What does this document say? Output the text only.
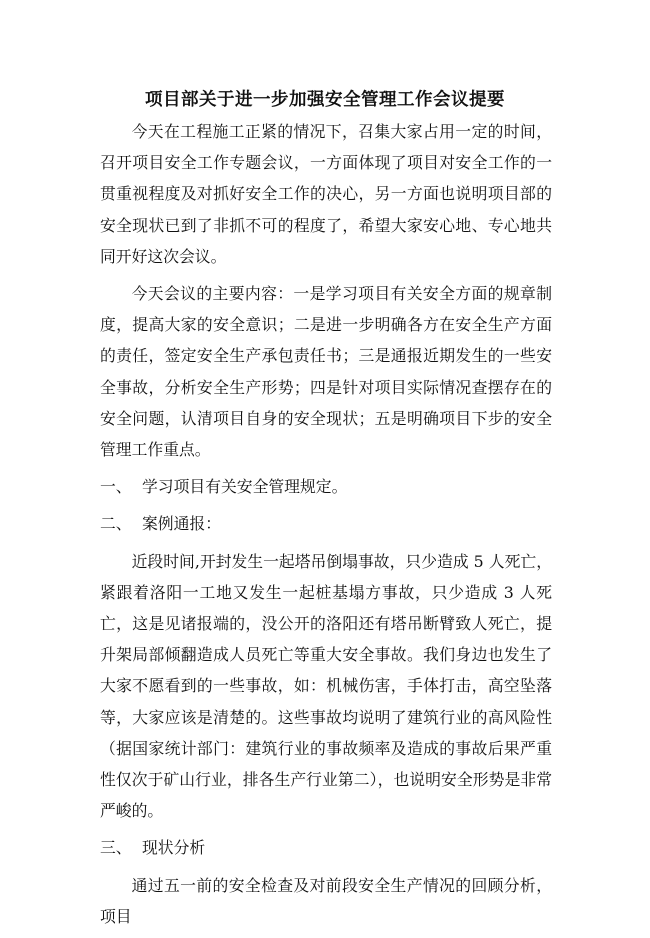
项目部关于进一步加强安全管理工作会议提要

今天在工程施工正紧的情况下，召集大家占用一定的时间，召开项目安全工作专题会议，一方面体现了项目对安全工作的一贯重视程度及对抓好安全工作的决心，另一方面也说明项目部的安全现状已到了非抓不可的程度了，希望大家安心地、专心地共同开好这次会议。

今天会议的主要内容：一是学习项目有关安全方面的规章制度，提高大家的安全意识；二是进一步明确各方在安全生产方面的责任，签定安全生产承包责任书；三是通报近期发生的一些安全事故，分析安全生产形势；四是针对项目实际情况查摆存在的安全问题，认清项目自身的安全现状；五是明确项目下步的安全管理工作重点。

一、 学习项目有关安全管理规定。
二、 案例通报：

近段时间,开封发生一起塔吊倒塌事故，只少造成 5 人死亡，紧跟着洛阳一工地又发生一起桩基塌方事故，只少造成 3 人死亡，这是见诸报端的，没公开的洛阳还有塔吊断臂致人死亡，提升架局部倾翻造成人员死亡等重大安全事故。我们身边也发生了大家不愿看到的一些事故，如：机械伤害，手体打击，高空坠落等，大家应该是清楚的。这些事故均说明了建筑行业的高风险性（据国家统计部门：建筑行业的事故频率及造成的事故后果严重性仅次于矿山行业，排各生产行业第二），也说明安全形势是非常严峻的。

三、 现状分析

通过五一前的安全检查及对前段安全生产情况的回顾分析，项目
